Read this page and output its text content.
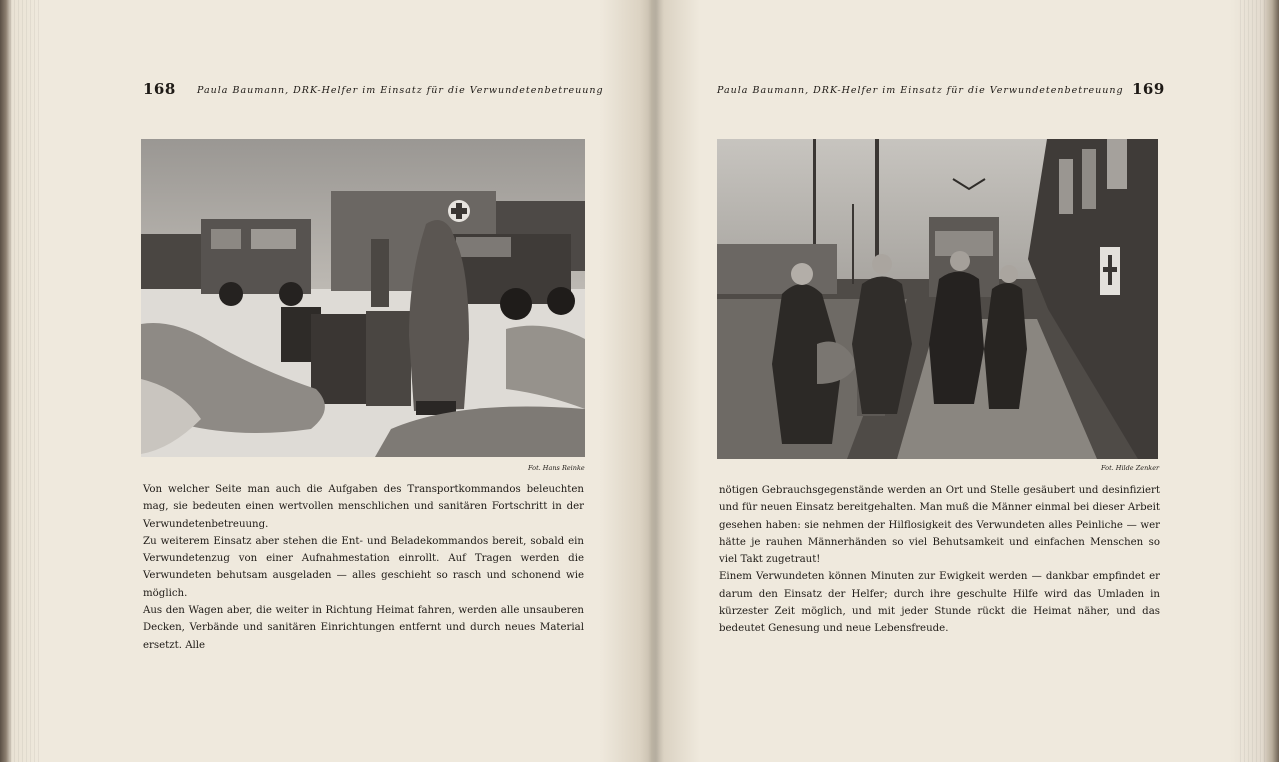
168 Paula Baumann, DRK-Helfer im Einsatz für die Verwundetenbetreuung
Fot. Hans Reinke

Von welcher Seite man auch die Aufgaben des Transportkommandos beleuchten mag, sie bedeuten einen wertvollen menschlichen und sanitären Fortschritt in der Verwundetenbetreuung.

Zu weiterem Einsatz aber stehen die Ent- und Beladekommandos bereit, sobald ein Verwundetenzug von einer Aufnahmestation einrollt. Auf Tragen werden die Verwundeten behutsam ausgeladen — alles geschieht so rasch und schonend wie möglich.

Aus den Wagen aber, die weiter in Richtung Heimat fahren, werden alle unsauberen Decken, Verbände und sanitären Einrichtungen entfernt und durch neues Material ersetzt. Alle

Paula Baumann, DRK-Helfer im Einsatz für die Verwundetenbetreuung 169
Fot. Hilde Zenker

nötigen Gebrauchsgegenstände werden an Ort und Stelle gesäubert und desinfiziert und für neuen Einsatz bereitgehalten. Man muß die Männer einmal bei dieser Arbeit gesehen haben: sie nehmen der Hilflosigkeit des Verwundeten alles Peinliche — wer hätte je rauhen Männerhänden so viel Behutsamkeit und einfachen Menschen so viel Takt zugetraut!

Einem Verwundeten können Minuten zur Ewigkeit werden — dankbar empfindet er darum den Einsatz der Helfer; durch ihre geschulte Hilfe wird das Umladen in kürzester Zeit möglich, und mit jeder Stunde rückt die Heimat näher, und das bedeutet Genesung und neue Lebensfreude.
